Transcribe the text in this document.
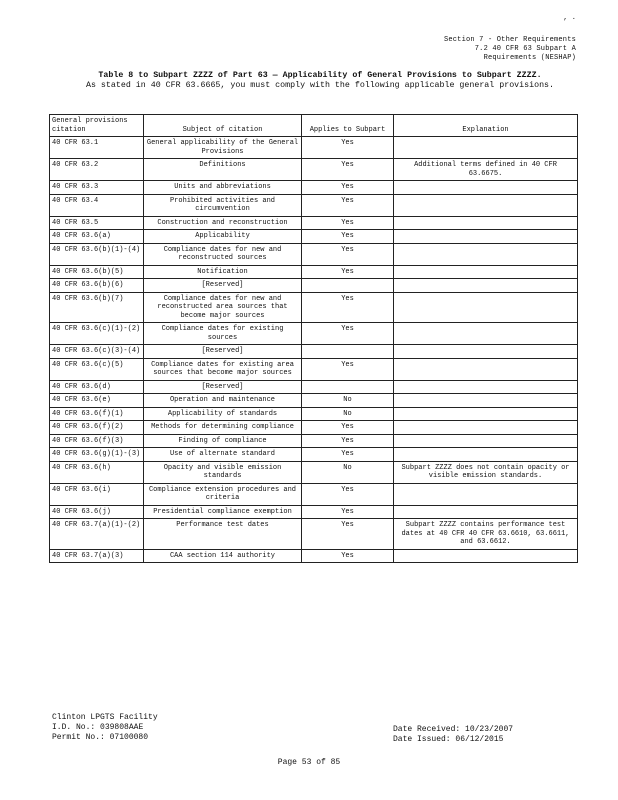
, .
Section 7 - Other Requirements
7.2 40 CFR 63 Subpart A
Requirements (NESHAP)
Table 8 to Subpart ZZZZ of Part 63 — Applicability of General Provisions to Subpart ZZZZ.
As stated in 40 CFR 63.6665, you must comply with the following applicable general provisions.
General provisions citation	Subject of citation	Applies to Subpart	Explanation
40 CFR 63.1	General applicability of the General Provisions	Yes	
40 CFR 63.2	Definitions	Yes	Additional terms defined in 40 CFR 63.6675.
40 CFR 63.3	Units and abbreviations	Yes	
40 CFR 63.4	Prohibited activities and circumvention	Yes	
40 CFR 63.5	Construction and reconstruction	Yes	
40 CFR 63.6(a)	Applicability	Yes	
40 CFR 63.6(b)(1)-(4)	Compliance dates for new and reconstructed sources	Yes	
40 CFR 63.6(b)(5)	Notification	Yes	
40 CFR 63.6(b)(6)	[Reserved]		
40 CFR 63.6(b)(7)	Compliance dates for new and reconstructed area sources that become major sources	Yes	
40 CFR 63.6(c)(1)-(2)	Compliance dates for existing sources	Yes	
40 CFR 63.6(c)(3)-(4)	[Reserved]		
40 CFR 63.6(c)(5)	Compliance dates for existing area sources that become major sources	Yes	
40 CFR 63.6(d)	[Reserved]		
40 CFR 63.6(e)	Operation and maintenance	No	
40 CFR 63.6(f)(1)	Applicability of standards	No	
40 CFR 63.6(f)(2)	Methods for determining compliance	Yes	
40 CFR 63.6(f)(3)	Finding of compliance	Yes	
40 CFR 63.6(g)(1)-(3)	Use of alternate standard	Yes	
40 CFR 63.6(h)	Opacity and visible emission standards	No	Subpart ZZZZ does not contain opacity or visible emission standards.
40 CFR 63.6(i)	Compliance extension procedures and criteria	Yes	
40 CFR 63.6(j)	Presidential compliance exemption	Yes	
40 CFR 63.7(a)(1)-(2)	Performance test dates	Yes	Subpart ZZZZ contains performance test dates at 40 CFR 40 CFR 63.6610, 63.6611, and 63.6612.
40 CFR 63.7(a)(3)	CAA section 114 authority	Yes	
Clinton LPGTS Facility
I.D. No.: 039808AAE
Permit No.: 07100080
Date Received: 10/23/2007
Date Issued: 06/12/2015
Page 53 of 85
